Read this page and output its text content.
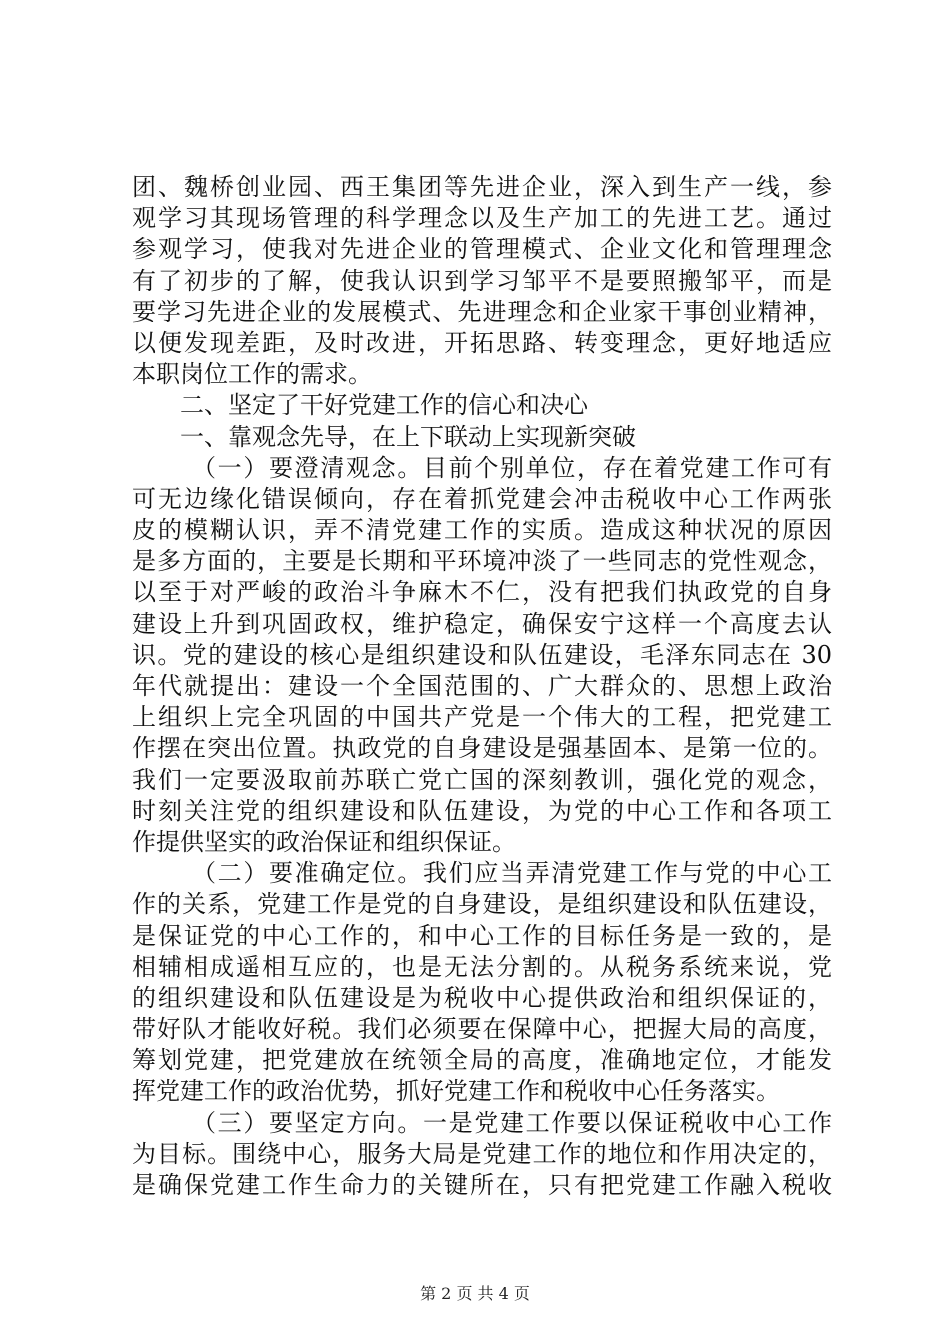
团、魏桥创业园、西王集团等先进企业，深入到生产一线，参
观学习其现场管理的科学理念以及生产加工的先进工艺。通过
参观学习，使我对先进企业的管理模式、企业文化和管理理念
有了初步的了解，使我认识到学习邹平不是要照搬邹平，而是
要学习先进企业的发展模式、先进理念和企业家干事创业精神，
以便发现差距，及时改进，开拓思路、转变理念，更好地适应
本职岗位工作的需求。
二、坚定了干好党建工作的信心和决心
一、靠观念先导，在上下联动上实现新突破
（一）要澄清观念。目前个别单位，存在着党建工作可有
可无边缘化错误倾向，存在着抓党建会冲击税收中心工作两张
皮的模糊认识，弄不清党建工作的实质。造成这种状况的原因
是多方面的，主要是长期和平环境冲淡了一些同志的党性观念，
以至于对严峻的政治斗争麻木不仁，没有把我们执政党的自身
建设上升到巩固政权，维护稳定，确保安宁这样一个高度去认
识。党的建设的核心是组织建设和队伍建设，毛泽东同志在 30
年代就提出：建设一个全国范围的、广大群众的、思想上政治
上组织上完全巩固的中国共产党是一个伟大的工程，把党建工
作摆在突出位置。执政党的自身建设是强基固本、是第一位的。
我们一定要汲取前苏联亡党亡国的深刻教训，强化党的观念，
时刻关注党的组织建设和队伍建设，为党的中心工作和各项工
作提供坚实的政治保证和组织保证。
（二）要准确定位。我们应当弄清党建工作与党的中心工
作的关系，党建工作是党的自身建设，是组织建设和队伍建设，
是保证党的中心工作的，和中心工作的目标任务是一致的，是
相辅相成遥相互应的，也是无法分割的。从税务系统来说，党
的组织建设和队伍建设是为税收中心提供政治和组织保证的，
带好队才能收好税。我们必须要在保障中心，把握大局的高度，
筹划党建，把党建放在统领全局的高度，准确地定位，才能发
挥党建工作的政治优势，抓好党建工作和税收中心任务落实。
（三）要坚定方向。一是党建工作要以保证税收中心工作
为目标。围绕中心，服务大局是党建工作的地位和作用决定的，
是确保党建工作生命力的关键所在，只有把党建工作融入税收
第 2 页 共 4 页
